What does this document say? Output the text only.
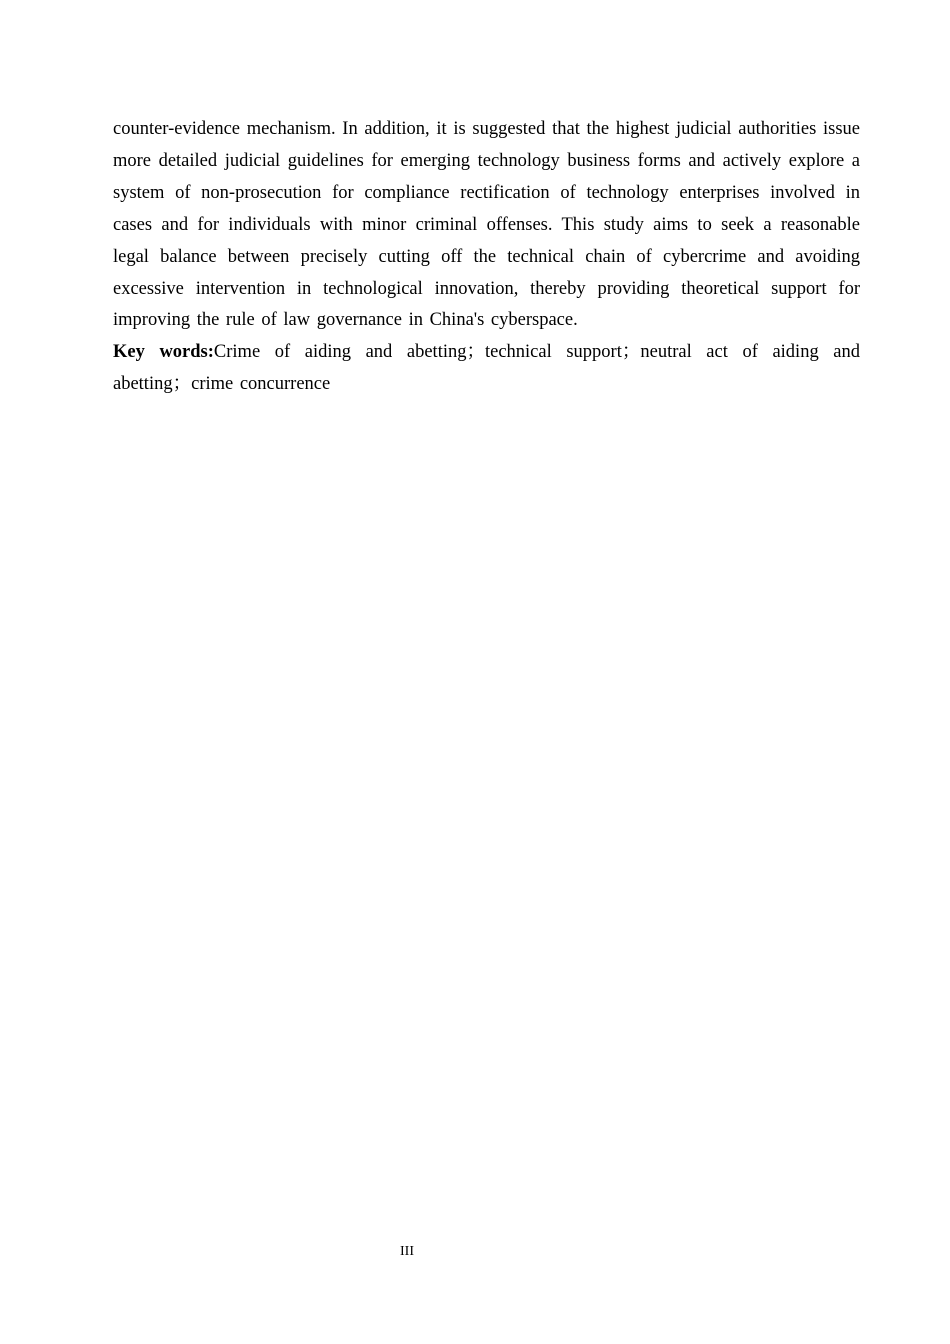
counter-evidence mechanism. In addition, it is suggested that the highest judicial authorities issue more detailed judicial guidelines for emerging technology business forms and actively explore a system of non-prosecution for compliance rectification of technology enterprises involved in cases and for individuals with minor criminal offenses. This study aims to seek a reasonable legal balance between precisely cutting off the technical chain of cybercrime and avoiding excessive intervention in technological innovation, thereby providing theoretical support for improving the rule of law governance in China's cyberspace.

Key words:Crime of aiding and abetting；technical support；neutral act of aiding and abetting；crime concurrence

III
